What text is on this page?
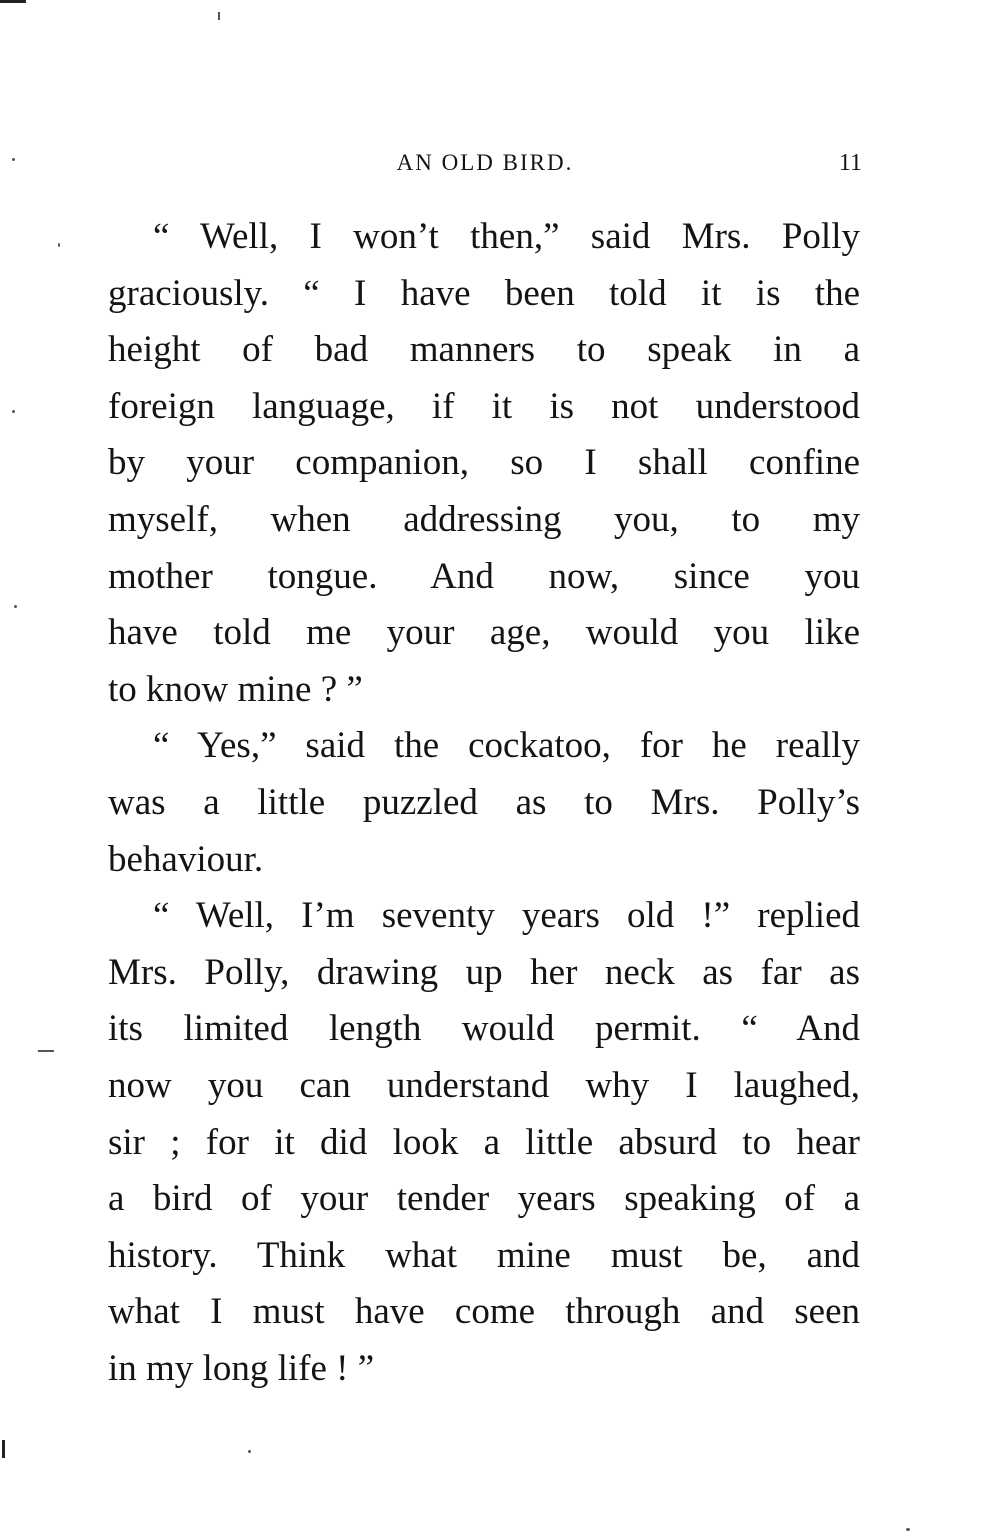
AN OLD BIRD.	11
“ Well, I won’t then,” said Mrs. Polly
graciously. “ I have been told it is the
height of bad manners to speak in a
foreign language, if it is not understood
by your companion, so I shall confine
myself, when addressing you, to my
mother tongue. And now, since you
have told me your age, would you like
to know mine ? ”
“ Yes,” said the cockatoo, for he really
was a little puzzled as to Mrs. Polly’s
behaviour.
“ Well, I’m seventy years old !” replied
Mrs. Polly, drawing up her neck as far as
its limited length would permit. “ And
now you can understand why I laughed,
sir ; for it did look a little absurd to hear
a bird of your tender years speaking of a
history. Think what mine must be, and
what I must have come through and seen
in my long life ! ”
